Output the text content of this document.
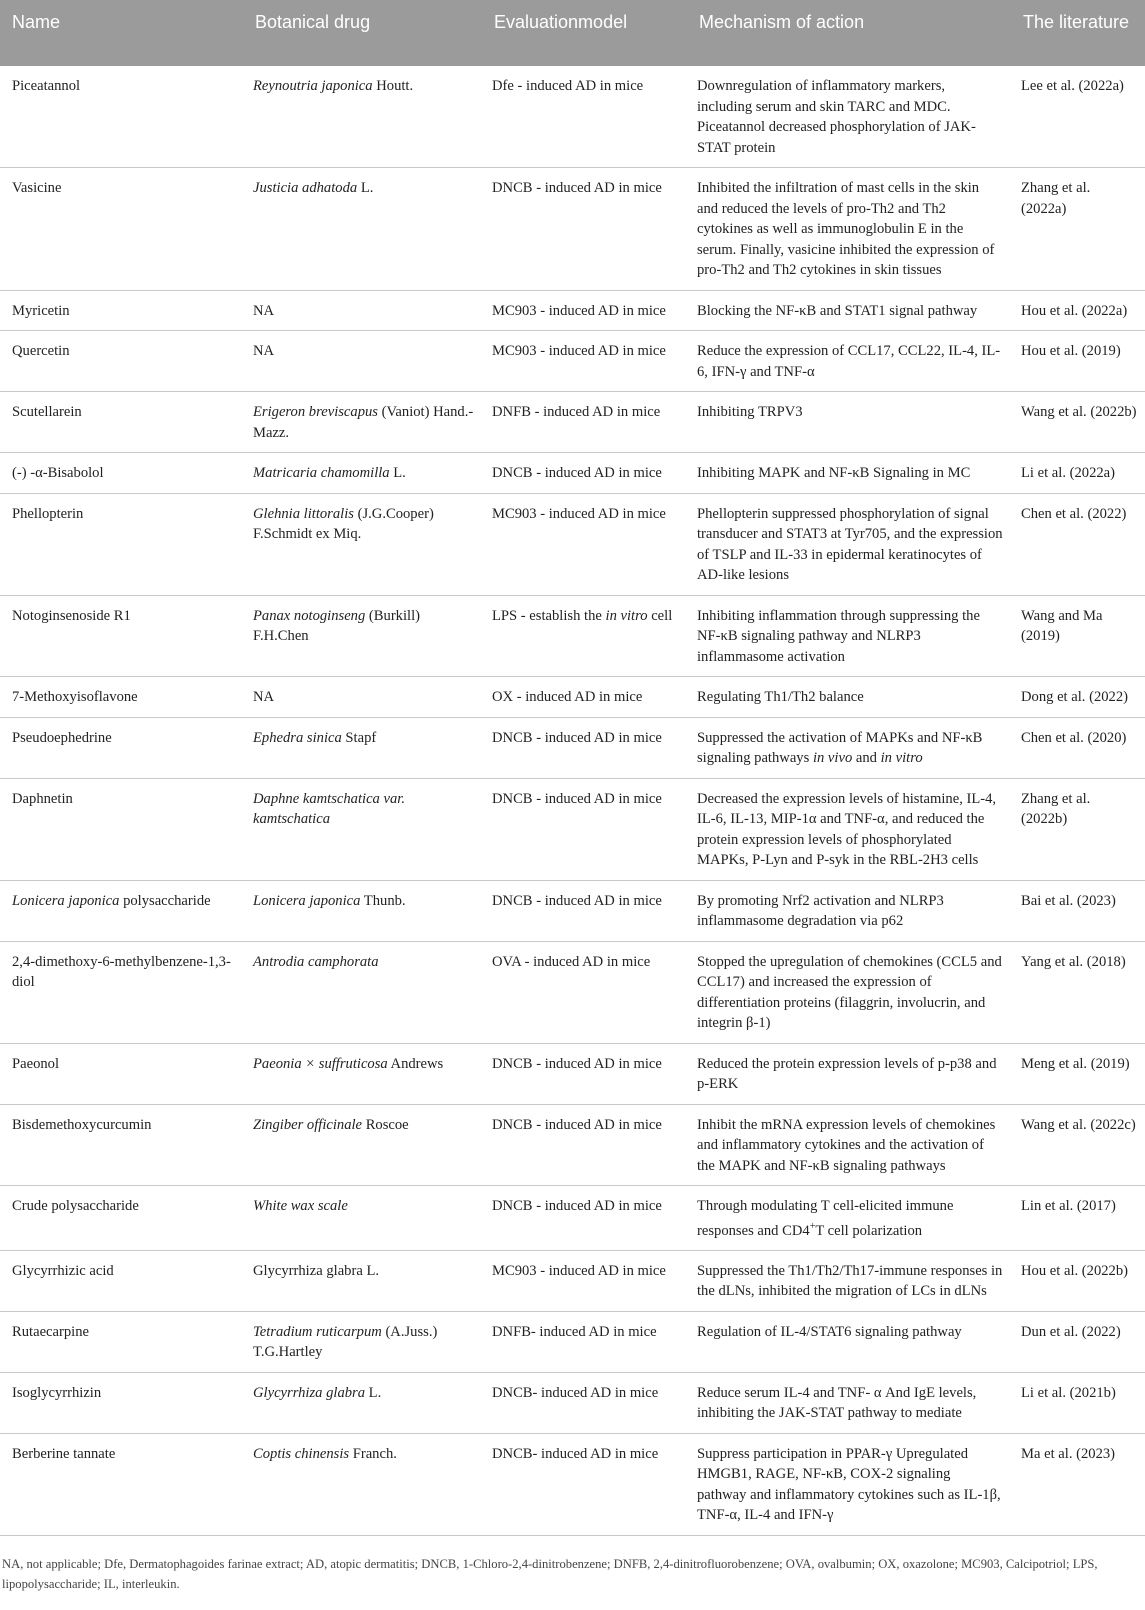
Name	Botanical drug	Evaluationmodel	Mechanism of action	The literature
Piceatannol	Reynoutria japonica Houtt.	Dfe - induced AD in mice	Downregulation of inflammatory markers, including serum and skin TARC and MDC. Piceatannol decreased phosphorylation of JAK-STAT protein	Lee et al. (2022a)
Vasicine	Justicia adhatoda L.	DNCB - induced AD in mice	Inhibited the infiltration of mast cells in the skin and reduced the levels of pro-Th2 and Th2 cytokines as well as immunoglobulin E in the serum. Finally, vasicine inhibited the expression of pro-Th2 and Th2 cytokines in skin tissues	Zhang et al. (2022a)
Myricetin	NA	MC903 - induced AD in mice	Blocking the NF-κB and STAT1 signal pathway	Hou et al. (2022a)
Quercetin	NA	MC903 - induced AD in mice	Reduce the expression of CCL17, CCL22, IL-4, IL-6, IFN-γ and TNF-α	Hou et al. (2019)
Scutellarein	Erigeron breviscapus (Vaniot) Hand.-Mazz.	DNFB - induced AD in mice	Inhibiting TRPV3	Wang et al. (2022b)
(-) -α-Bisabolol	Matricaria chamomilla L.	DNCB - induced AD in mice	Inhibiting MAPK and NF-κB Signaling in MC	Li et al. (2022a)
Phellopterin	Glehnia littoralis (J.G.Cooper) F.Schmidt ex Miq.	MC903 - induced AD in mice	Phellopterin suppressed phosphorylation of signal transducer and STAT3 at Tyr705, and the expression of TSLP and IL-33 in epidermal keratinocytes of AD-like lesions	Chen et al. (2022)
Notoginsenoside R1	Panax notoginseng (Burkill) F.H.Chen	LPS - establish the in vitro cell	Inhibiting inflammation through suppressing the NF-κB signaling pathway and NLRP3 inflammasome activation	Wang and Ma (2019)
7-Methoxyisoflavone	NA	OX - induced AD in mice	Regulating Th1/Th2 balance	Dong et al. (2022)
Pseudoephedrine	Ephedra sinica Stapf	DNCB - induced AD in mice	Suppressed the activation of MAPKs and NF-κB signaling pathways in vivo and in vitro	Chen et al. (2020)
Daphnetin	Daphne kamtschatica var. kamtschatica	DNCB - induced AD in mice	Decreased the expression levels of histamine, IL-4, IL-6, IL-13, MIP-1α and TNF-α, and reduced the protein expression levels of phosphorylated MAPKs, P-Lyn and P-syk in the RBL-2H3 cells	Zhang et al. (2022b)
Lonicera japonica polysaccharide	Lonicera japonica Thunb.	DNCB - induced AD in mice	By promoting Nrf2 activation and NLRP3 inflammasome degradation via p62	Bai et al. (2023)
2,4-dimethoxy-6-methylbenzene-1,3-diol	Antrodia camphorata	OVA - induced AD in mice	Stopped the upregulation of chemokines (CCL5 and CCL17) and increased the expression of differentiation proteins (filaggrin, involucrin, and integrin β-1)	Yang et al. (2018)
Paeonol	Paeonia × suffruticosa Andrews	DNCB - induced AD in mice	Reduced the protein expression levels of p-p38 and p-ERK	Meng et al. (2019)
Bisdemethoxycurcumin	Zingiber officinale Roscoe	DNCB - induced AD in mice	Inhibit the mRNA expression levels of chemokines and inflammatory cytokines and the activation of the MAPK and NF-κB signaling pathways	Wang et al. (2022c)
Crude polysaccharide	White wax scale	DNCB - induced AD in mice	Through modulating T cell-elicited immune responses and CD4+T cell polarization	Lin et al. (2017)
Glycyrrhizic acid	Glycyrrhiza glabra L.	MC903 - induced AD in mice	Suppressed the Th1/Th2/Th17-immune responses in the dLNs, inhibited the migration of LCs in dLNs	Hou et al. (2022b)
Rutaecarpine	Tetradium ruticarpum (A.Juss.) T.G.Hartley	DNFB- induced AD in mice	Regulation of IL-4/STAT6 signaling pathway	Dun et al. (2022)
Isoglycyrrhizin	Glycyrrhiza glabra L.	DNCB- induced AD in mice	Reduce serum IL-4 and TNF- α And IgE levels, inhibiting the JAK-STAT pathway to mediate	Li et al. (2021b)
Berberine tannate	Coptis chinensis Franch.	DNCB- induced AD in mice	Suppress participation in PPAR-γ Upregulated HMGB1, RAGE, NF-κB, COX-2 signaling pathway and inflammatory cytokines such as IL-1β, TNF-α, IL-4 and IFN-γ	Ma et al. (2023)
NA, not applicable; Dfe, Dermatophagoides farinae extract; AD, atopic dermatitis; DNCB, 1-Chloro-2,4-dinitrobenzene; DNFB, 2,4-dinitrofluorobenzene; OVA, ovalbumin; OX, oxazolone; MC903, Calcipotriol; LPS, lipopolysaccharide; IL, interleukin.
